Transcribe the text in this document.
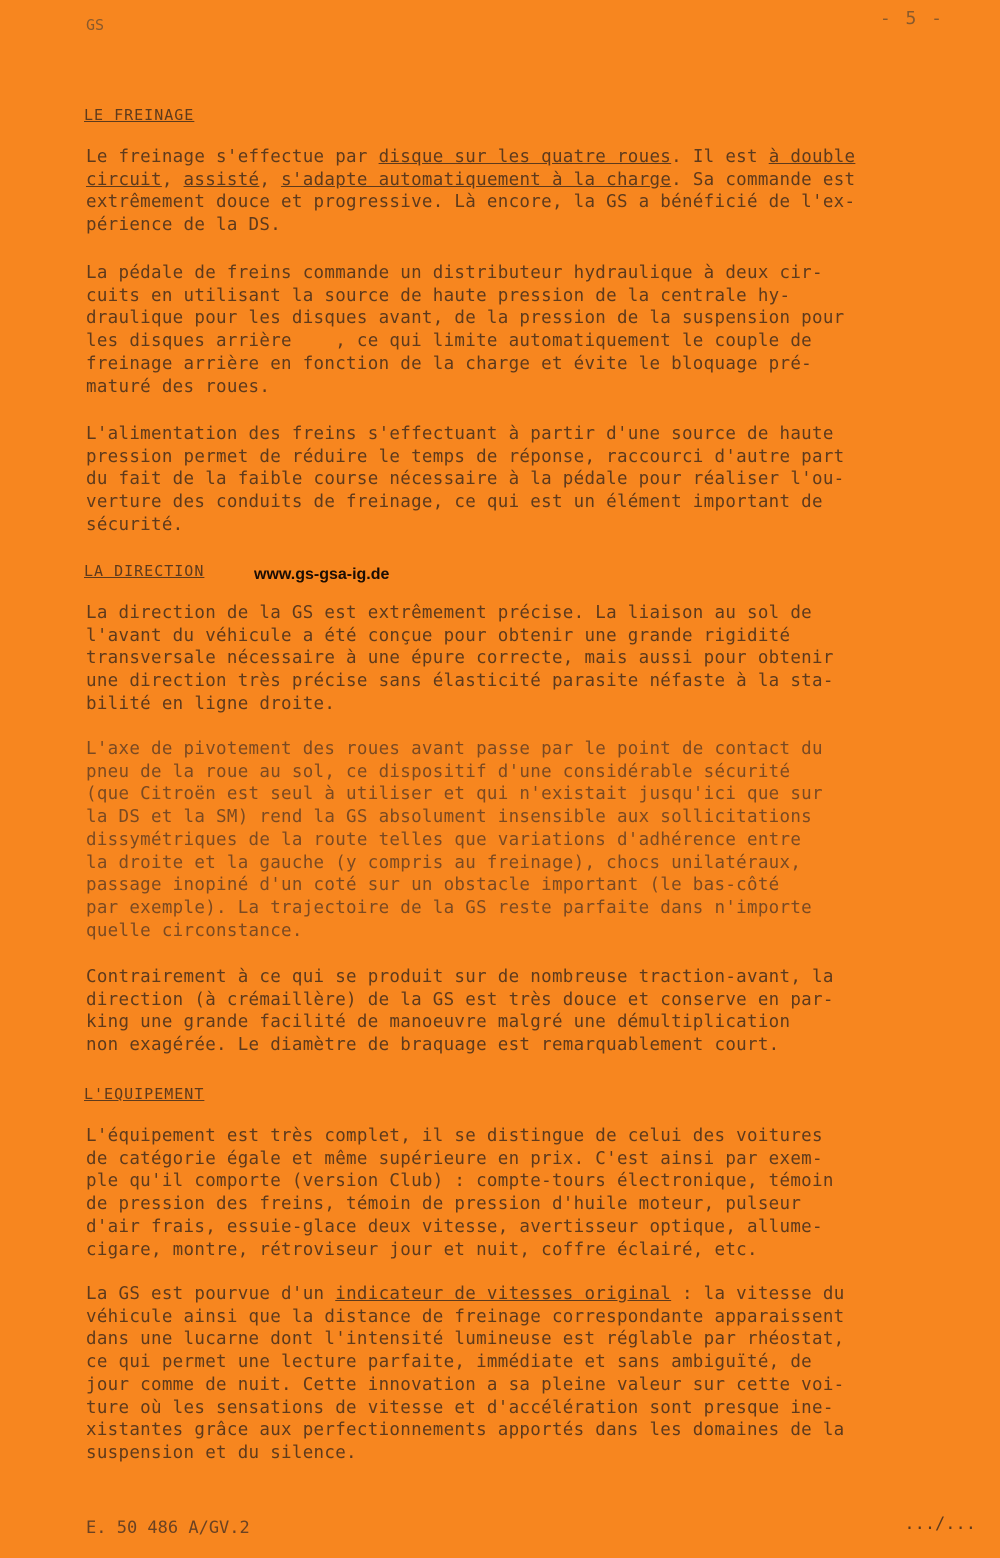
GS	- 5 -
LE FREINAGE
Le freinage s'effectue par disque sur les quatre roues. Il est à double
circuit, assisté, s'adapte automatiquement à la charge. Sa commande est
extrêmement douce et progressive. Là encore, la GS a bénéficié de l'ex-
périence de la DS.
La pédale de freins commande un distributeur hydraulique à deux cir-
cuits en utilisant la source de haute pression de la centrale hy-
draulique pour les disques avant, de la pression de la suspension pour
les disques arrière    , ce qui limite automatiquement le couple de
freinage arrière en fonction de la charge et évite le bloquage pré-
maturé des roues.
L'alimentation des freins s'effectuant à partir d'une source de haute
pression permet de réduire le temps de réponse, raccourci d'autre part
du fait de la faible course nécessaire à la pédale pour réaliser l'ou-
verture des conduits de freinage, ce qui est un élément important de
sécurité.
LA DIRECTION	www.gs-gsa-ig.de
La direction de la GS est extrêmement précise. La liaison au sol de
l'avant du véhicule a été conçue pour obtenir une grande rigidité
transversale nécessaire à une épure correcte, mais aussi pour obtenir
une direction très précise sans élasticité parasite néfaste à la sta-
bilité en ligne droite.
L'axe de pivotement des roues avant passe par le point de contact du
pneu de la roue au sol, ce dispositif d'une considérable sécurité
(que Citroën est seul à utiliser et qui n'existait jusqu'ici que sur
la DS et la SM) rend la GS absolument insensible aux sollicitations
dissymétriques de la route telles que variations d'adhérence entre
la droite et la gauche (y compris au freinage), chocs unilatéraux,
passage inopiné d'un coté sur un obstacle important (le bas-côté
par exemple). La trajectoire de la GS reste parfaite dans n'importe
quelle circonstance.
Contrairement à ce qui se produit sur de nombreuse traction-avant, la
direction (à crémaillère) de la GS est très douce et conserve en par-
king une grande facilité de manoeuvre malgré une démultiplication
non exagérée. Le diamètre de braquage est remarquablement court.
L'EQUIPEMENT
L'équipement est très complet, il se distingue de celui des voitures
de catégorie égale et même supérieure en prix. C'est ainsi par exem-
ple qu'il comporte (version Club) : compte-tours électronique, témoin
de pression des freins, témoin de pression d'huile moteur, pulseur
d'air frais, essuie-glace deux vitesse, avertisseur optique, allume-
cigare, montre, rétroviseur jour et nuit, coffre éclairé, etc.
La GS est pourvue d'un indicateur de vitesses original : la vitesse du
véhicule ainsi que la distance de freinage correspondante apparaissent
dans une lucarne dont l'intensité lumineuse est réglable par rhéostat,
ce qui permet une lecture parfaite, immédiate et sans ambiguïté, de
jour comme de nuit. Cette innovation a sa pleine valeur sur cette voi-
ture où les sensations de vitesse et d'accélération sont presque ine-
xistantes grâce aux perfectionnements apportés dans les domaines de la
suspension et du silence.
E. 50 486 A/GV.2	.../...
